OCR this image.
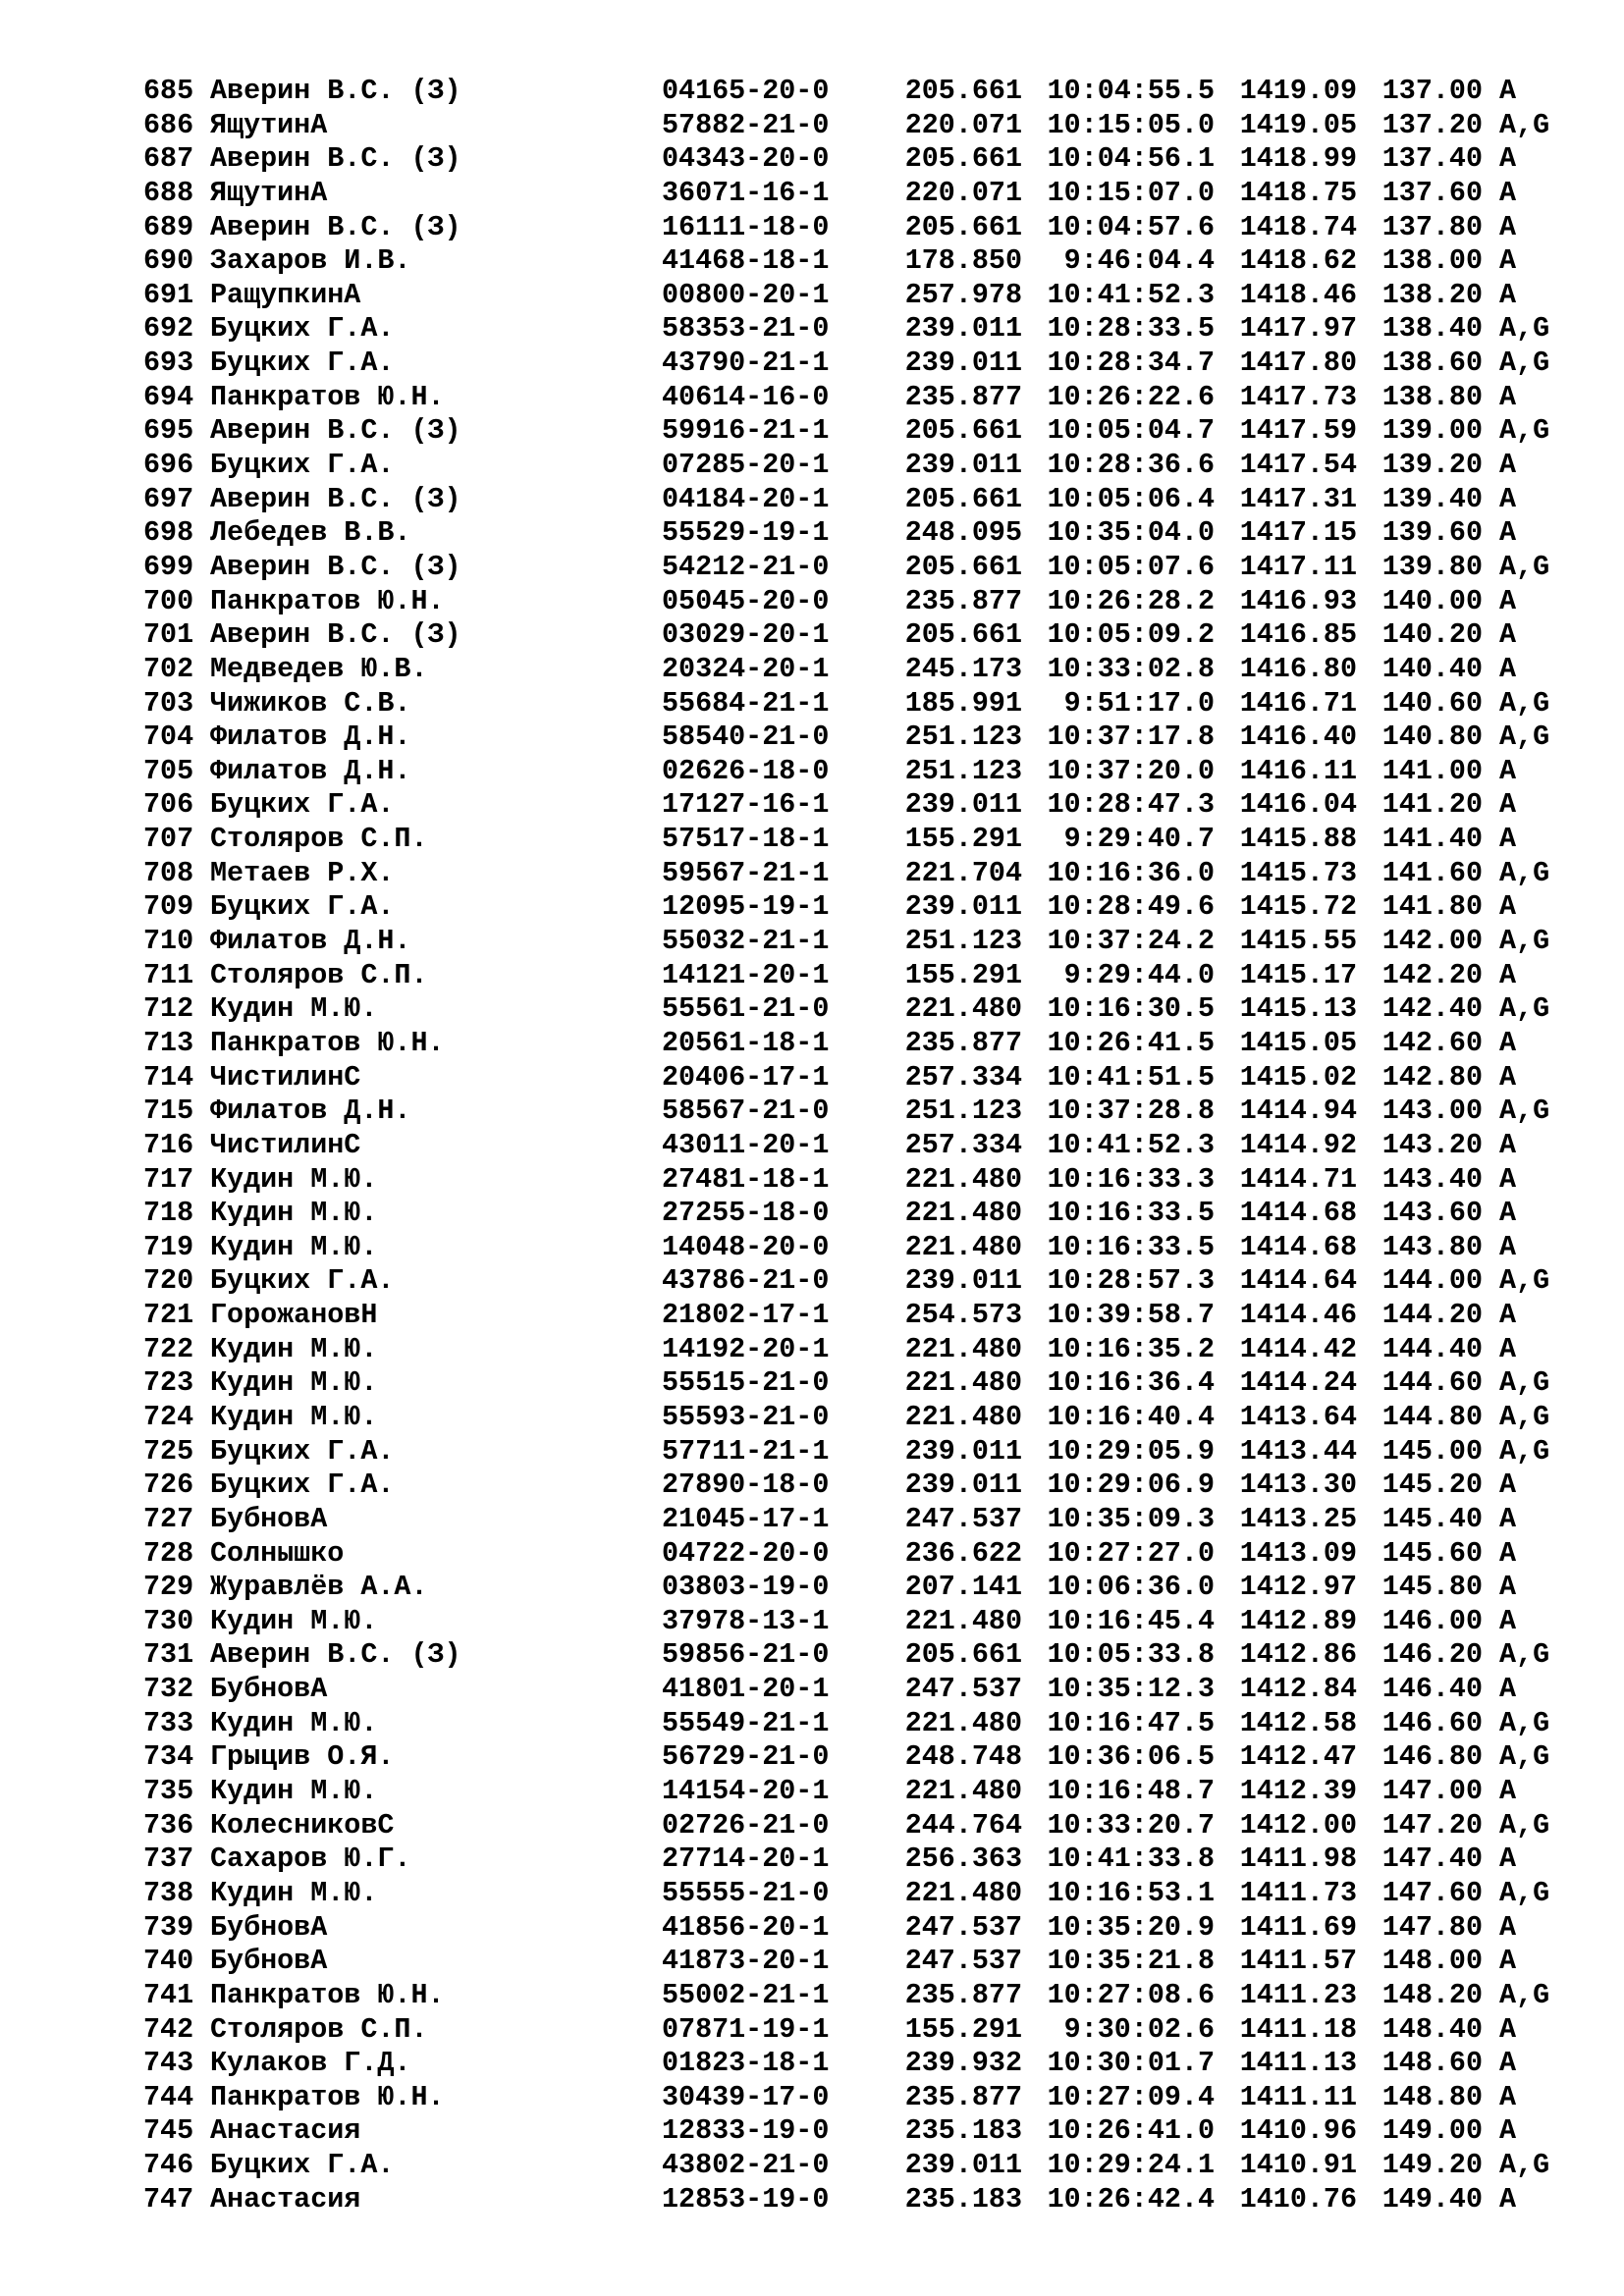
685 Аверин В.С. (З)	04165-20-0	205.661 10:04:55.5 1419.09 137.00 A
686 ЯщутинА	57882-21-0	220.071 10:15:05.0 1419.05 137.20 A,G
687 Аверин В.С. (З)	04343-20-0	205.661 10:04:56.1 1418.99 137.40 A
688 ЯщутинА	36071-16-1	220.071 10:15:07.0 1418.75 137.60 A
689 Аверин В.С. (З)	16111-18-0	205.661 10:04:57.6 1418.74 137.80 A
690 Захаров И.В.	41468-18-1	178.850	9:46:04.4 1418.62 138.00 A
691 РащупкинА	00800-20-1	257.978 10:41:52.3 1418.46 138.20 A
692 Буцких Г.А.	58353-21-0	239.011 10:28:33.5 1417.97 138.40 A,G
693 Буцких Г.А.	43790-21-1	239.011 10:28:34.7 1417.80 138.60 A,G
694 Панкратов Ю.Н.	40614-16-0	235.877 10:26:22.6 1417.73 138.80 A
695 Аверин В.С. (З)	59916-21-1	205.661 10:05:04.7 1417.59 139.00 A,G
696 Буцких Г.А.	07285-20-1	239.011 10:28:36.6 1417.54 139.20 A
697 Аверин В.С. (З)	04184-20-1	205.661 10:05:06.4 1417.31 139.40 A
698 Лебедев В.В.	55529-19-1	248.095 10:35:04.0 1417.15 139.60 A
699 Аверин В.С. (З)	54212-21-0	205.661 10:05:07.6 1417.11 139.80 A,G
700 Панкратов Ю.Н.	05045-20-0	235.877 10:26:28.2 1416.93 140.00 A
701 Аверин В.С. (З)	03029-20-1	205.661 10:05:09.2 1416.85 140.20 A
702 Медведев Ю.В.	20324-20-1	245.173 10:33:02.8 1416.80 140.40 A
703 Чижиков С.В.	55684-21-1	185.991	9:51:17.0 1416.71 140.60 A,G
704 Филатов Д.Н.	58540-21-0	251.123 10:37:17.8 1416.40 140.80 A,G
705 Филатов Д.Н.	02626-18-0	251.123 10:37:20.0 1416.11 141.00 A
706 Буцких Г.А.	17127-16-1	239.011 10:28:47.3 1416.04 141.20 A
707 Столяров С.П.	57517-18-1	155.291	9:29:40.7 1415.88 141.40 A
708 Метаев Р.Х.	59567-21-1	221.704 10:16:36.0 1415.73 141.60 A,G
709 Буцких Г.А.	12095-19-1	239.011 10:28:49.6 1415.72 141.80 A
710 Филатов Д.Н.	55032-21-1	251.123 10:37:24.2 1415.55 142.00 A,G
711 Столяров С.П.	14121-20-1	155.291	9:29:44.0 1415.17 142.20 A
712 Кудин М.Ю.	55561-21-0	221.480 10:16:30.5 1415.13 142.40 A,G
713 Панкратов Ю.Н.	20561-18-1	235.877 10:26:41.5 1415.05 142.60 A
714 ЧистилинС	20406-17-1	257.334 10:41:51.5 1415.02 142.80 A
715 Филатов Д.Н.	58567-21-0	251.123 10:37:28.8 1414.94 143.00 A,G
716 ЧистилинС	43011-20-1	257.334 10:41:52.3 1414.92 143.20 A
717 Кудин М.Ю.	27481-18-1	221.480 10:16:33.3 1414.71 143.40 A
718 Кудин М.Ю.	27255-18-0	221.480 10:16:33.5 1414.68 143.60 A
719 Кудин М.Ю.	14048-20-0	221.480 10:16:33.5 1414.68 143.80 A
720 Буцких Г.А.	43786-21-0	239.011 10:28:57.3 1414.64 144.00 A,G
721 ГорожановН	21802-17-1	254.573 10:39:58.7 1414.46 144.20 A
722 Кудин М.Ю.	14192-20-1	221.480 10:16:35.2 1414.42 144.40 A
723 Кудин М.Ю.	55515-21-0	221.480 10:16:36.4 1414.24 144.60 A,G
724 Кудин М.Ю.	55593-21-0	221.480 10:16:40.4 1413.64 144.80 A,G
725 Буцких Г.А.	57711-21-1	239.011 10:29:05.9 1413.44 145.00 A,G
726 Буцких Г.А.	27890-18-0	239.011 10:29:06.9 1413.30 145.20 A
727 БубновА	21045-17-1	247.537 10:35:09.3 1413.25 145.40 A
728 Солнышко	04722-20-0	236.622 10:27:27.0 1413.09 145.60 A
729 Журавлёв А.А.	03803-19-0	207.141 10:06:36.0 1412.97 145.80 A
730 Кудин М.Ю.	37978-13-1	221.480 10:16:45.4 1412.89 146.00 A
731 Аверин В.С. (З)	59856-21-0	205.661 10:05:33.8 1412.86 146.20 A,G
732 БубновА	41801-20-1	247.537 10:35:12.3 1412.84 146.40 A
733 Кудин М.Ю.	55549-21-1	221.480 10:16:47.5 1412.58 146.60 A,G
734 Грыцив О.Я.	56729-21-0	248.748 10:36:06.5 1412.47 146.80 A,G
735 Кудин М.Ю.	14154-20-1	221.480 10:16:48.7 1412.39 147.00 A
736 КолесниковС	02726-21-0	244.764 10:33:20.7 1412.00 147.20 A,G
737 Сахаров Ю.Г.	27714-20-1	256.363 10:41:33.8 1411.98 147.40 A
738 Кудин М.Ю.	55555-21-0	221.480 10:16:53.1 1411.73 147.60 A,G
739 БубновА	41856-20-1	247.537 10:35:20.9 1411.69 147.80 A
740 БубновА	41873-20-1	247.537 10:35:21.8 1411.57 148.00 A
741 Панкратов Ю.Н.	55002-21-1	235.877 10:27:08.6 1411.23 148.20 A,G
742 Столяров С.П.	07871-19-1	155.291	9:30:02.6 1411.18 148.40 A
743 Кулаков Г.Д.	01823-18-1	239.932 10:30:01.7 1411.13 148.60 A
744 Панкратов Ю.Н.	30439-17-0	235.877 10:27:09.4 1411.11 148.80 A
745 Анастасия	12833-19-0	235.183 10:26:41.0 1410.96 149.00 A
746 Буцких Г.А.	43802-21-0	239.011 10:29:24.1 1410.91 149.20 A,G
747 Анастасия	12853-19-0	235.183 10:26:42.4 1410.76 149.40 A
